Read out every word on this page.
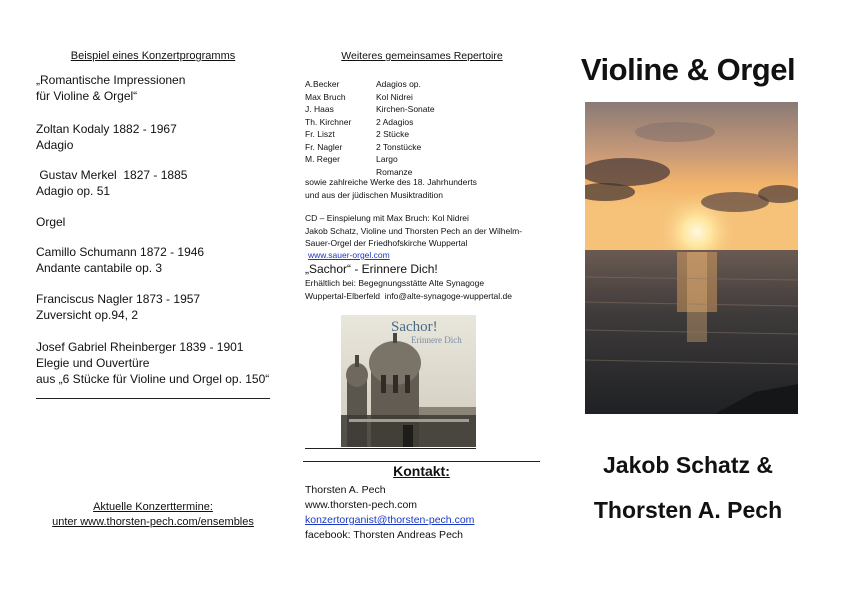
Beispiel eines Konzertprogramms
„Romantische Impressionen
für Violine & Orgel“
Zoltan Kodaly 1882 - 1967
Adagio
Gustav Merkel  1827 - 1885
Adagio op. 51
Orgel
Camillo Schumann 1872 - 1946
Andante cantabile op. 3
Franciscus Nagler 1873 - 1957
Zuversicht op.94, 2
Josef Gabriel Rheinberger 1839 - 1901
Elegie und Ouvertüre
aus „6 Stücke für Violine und Orgel op. 150“
Aktuelle Konzerttermine:
unter www.thorsten-pech.com/ensembles
Weiteres gemeinsames Repertoire
A.Becker	Adagios op.
Max Bruch	Kol Nidrei
J. Haas	Kirchen-Sonate
Th. Kirchner	2 Adagios
Fr. Liszt	2 Stücke
Fr. Nagler	2 Tonstücke
M. Reger	Largo
Romanze
sowie zahlreiche Werke des 18. Jahrhunderts
und aus der jüdischen Musiktradition
CD – Einspielung mit Max Bruch: Kol Nidrei
Jakob Schatz, Violine und Thorsten Pech an der Wilhelm-
Sauer-Orgel der Friedhofskirche Wuppertal
www.sauer-orgel.com
„Sachor“ - Erinnere Dich!
Erhältlich bei: Begegnungsstätte Alte Synagoge
Wuppertal-Elberfeld  info@alte-synagoge-wuppertal.de
Sachor!
Erinnere Dich
Kontakt:
Thorsten A. Pech
www.thorsten-pech.com
konzertorganist@thorsten-pech.com
facebook: Thorsten Andreas Pech
Violine & Orgel
Jakob Schatz &
Thorsten A. Pech
